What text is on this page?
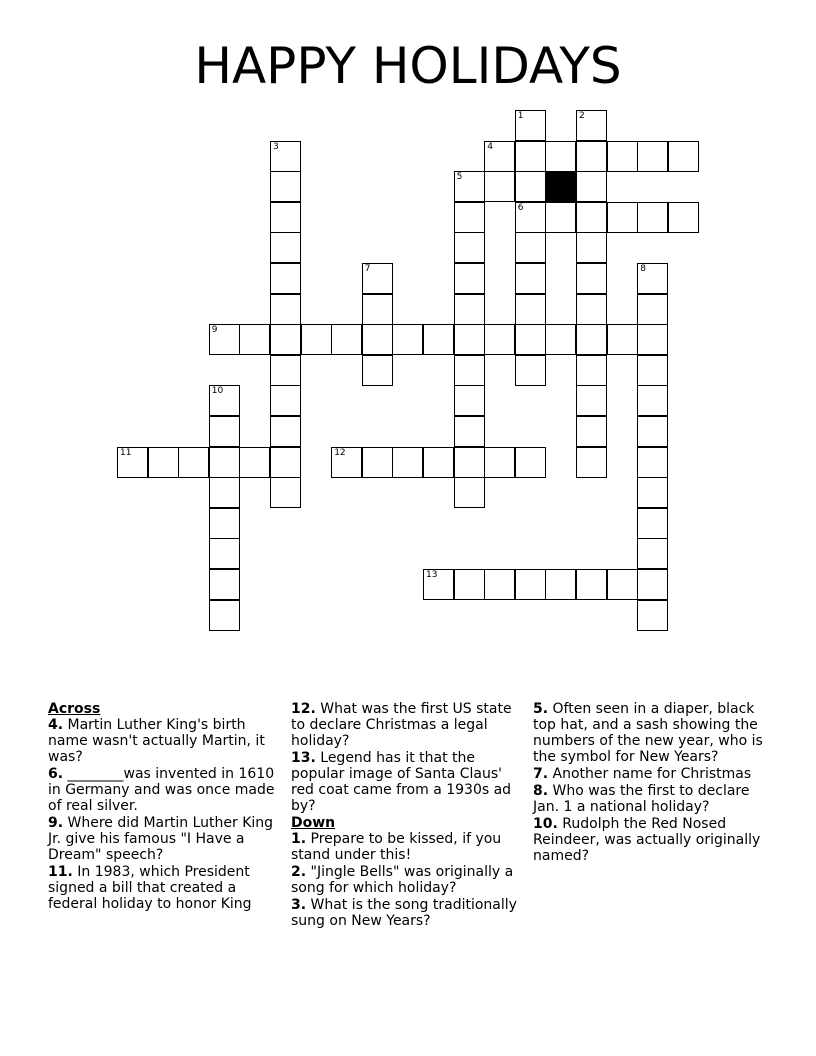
HAPPY HOLIDAYS
4
6
9
11	12
13
1	2
3
5
7	8
10

Across

4. Martin Luther King's birth name wasn't actually Martin, it was?

6. ________was invented in 1610 in Germany and was once made of real silver.

9. Where did Martin Luther King Jr. give his famous "I Have a Dream" speech?

11. In 1983, which President signed a bill that created a federal holiday to honor King

12. What was the first US state to declare Christmas a legal holiday?

13. Legend has it that the popular image of Santa Claus' red coat came from a 1930s ad by?

Down

1. Prepare to be kissed, if you stand under this!

2. "Jingle Bells" was originally a song for which holiday?

3. What is the song traditionally sung on New Years?

5. Often seen in a diaper, black top hat, and a sash showing the numbers of the new year, who is the symbol for New Years?

7. Another name for Christmas

8. Who was the first to declare Jan. 1 a national holiday?

10. Rudolph the Red Nosed Reindeer, was actually originally named?
